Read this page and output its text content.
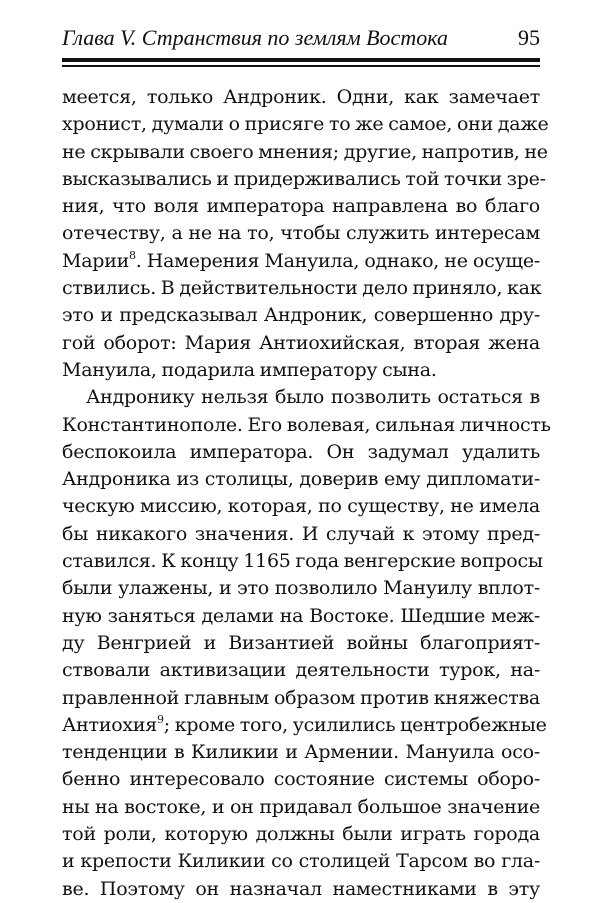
Глава V. Странствия по землям Востока	95
меется, только Андроник. Одни, как замечает
хронист, думали о присяге то же самое, они даже
не скрывали своего мнения; другие, напротив, не
высказывались и придерживались той точки зре-
ния, что воля императора направлена во благо
отечеству, а не на то, чтобы служить интересам
Марии$^8$. Намерения Мануила, однако, не осуще-
ствились. В действительности дело приняло, как
это и предсказывал Андроник, совершенно дру-
гой оборот: Мария Антиохийская, вторая жена
Мануила, подарила императору сына.
Андронику нельзя было позволить остаться в
Константинополе. Его волевая, сильная личность
беспокоила императора. Он задумал удалить
Андроника из столицы, доверив ему дипломати-
ческую миссию, которая, по существу, не имела
бы никакого значения. И случай к этому пред-
ставился. К концу 1165 года венгерские вопросы
были улажены, и это позволило Мануилу вплот-
ную заняться делами на Востоке. Шедшие меж-
ду Венгрией и Византией войны благоприят-
ствовали активизации деятельности турок, на-
правленной главным образом против княжества
Антиохия$^9$; кроме того, усилились центробежные
тенденции в Киликии и Армении. Мануила осо-
бенно интересовало состояние системы оборо-
ны на востоке, и он придавал большое значение
той роли, которую должны были играть города
и крепости Киликии со столицей Тарсом во гла-
ве. Поэтому он назначал наместниками в эту
